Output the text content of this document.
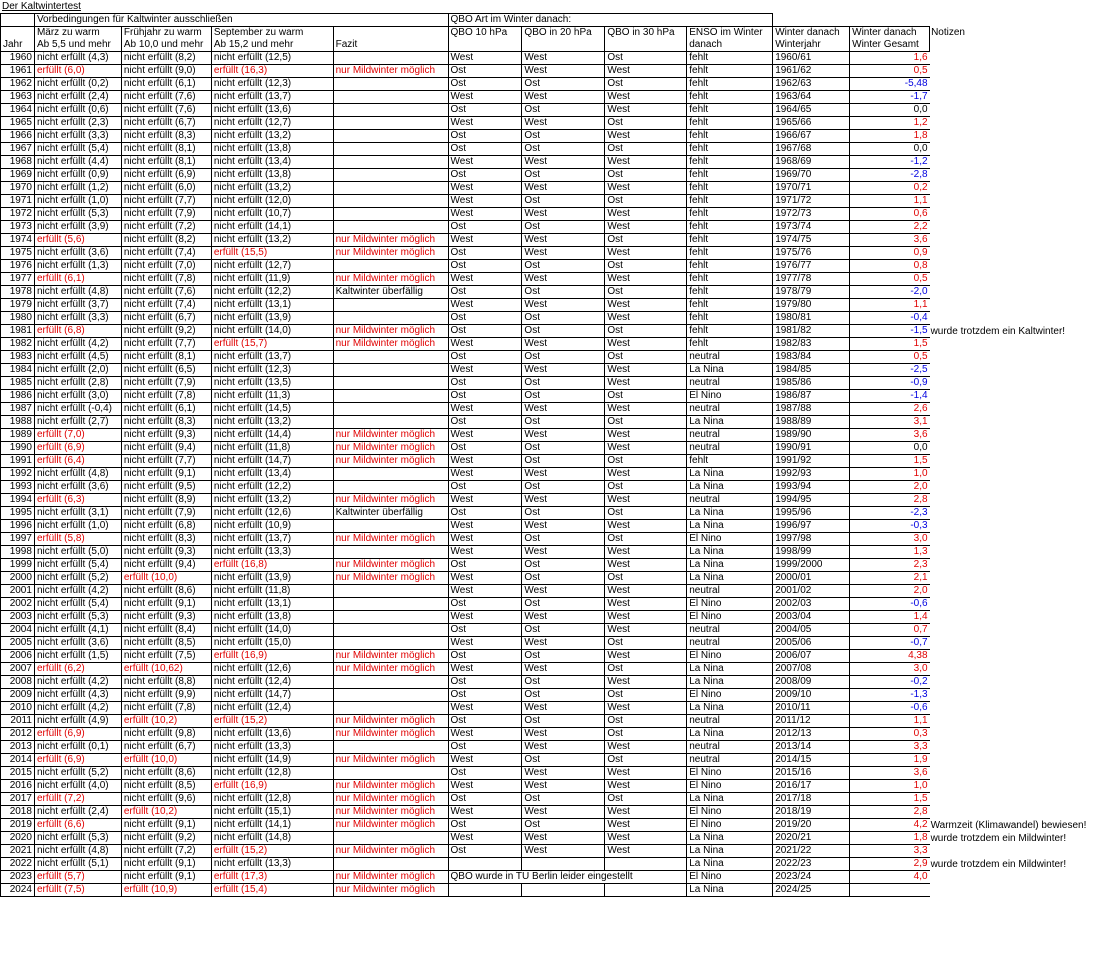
Der Kaltwintertest
	Vorbedingungen für Kaltwinter ausschließen				QBO Art im Winter danach:						
	März zu warm	Frühjahr zu warm	September zu warm		QBO 10 hPa	QBO in 20 hPa	QBO in 30 hPa	ENSO im Winter	Winter danach	Winter danach	Notizen
Jahr	Ab 5,5 und mehr	Ab 10,0 und mehr	Ab 15,2 und mehr	Fazit				danach	Winterjahr	Winter Gesamt	
1960	nicht erfüllt (4,3)	nicht erfüllt (8,2)	nicht erfüllt (12,5)		West	West	Ost	fehlt	1960/61	1,6	
1961	erfüllt (6,0)	nicht erfüllt (9,0)	erfüllt (16,3)	nur Mildwinter möglich	Ost	West	West	fehlt	1961/62	0,5	
1962	nicht erfüllt (0,2)	nicht erfüllt (6,1)	nicht erfüllt (12,3)		Ost	Ost	Ost	fehlt	1962/63	-5,48	
1963	nicht erfüllt (2,4)	nicht erfüllt (7,6)	nicht erfüllt (13,7)		West	West	West	fehlt	1963/64	-1,7	
1964	nicht erfüllt (0,6)	nicht erfüllt (7,6)	nicht erfüllt (13,6)		Ost	Ost	West	fehlt	1964/65	0,0	
1965	nicht erfüllt (2,3)	nicht erfüllt (6,7)	nicht erfüllt (12,7)		West	West	Ost	fehlt	1965/66	1,2	
1966	nicht erfüllt (3,3)	nicht erfüllt (8,3)	nicht erfüllt (13,2)		Ost	Ost	West	fehlt	1966/67	1,8	
1967	nicht erfüllt (5,4)	nicht erfüllt (8,1)	nicht erfüllt (13,8)		Ost	Ost	Ost	fehlt	1967/68	0,0	
1968	nicht erfüllt (4,4)	nicht erfüllt (8,1)	nicht erfüllt (13,4)		West	West	West	fehlt	1968/69	-1,2	
1969	nicht erfüllt (0,9)	nicht erfüllt (6,9)	nicht erfüllt (13,8)		Ost	Ost	Ost	fehlt	1969/70	-2,8	
1970	nicht erfüllt (1,2)	nicht erfüllt (6,0)	nicht erfüllt (13,2)		West	West	West	fehlt	1970/71	0,2	
1971	nicht erfüllt (1,0)	nicht erfüllt (7,7)	nicht erfüllt (12,0)		West	Ost	Ost	fehlt	1971/72	1,1	
1972	nicht erfüllt (5,3)	nicht erfüllt (7,9)	nicht erfüllt (10,7)		West	West	West	fehlt	1972/73	0,6	
1973	nicht erfüllt (3,9)	nicht erfüllt (7,2)	nicht erfüllt (14,1)		Ost	Ost	West	fehlt	1973/74	2,2	
1974	erfüllt (5,6)	nicht erfüllt (8,2)	nicht erfüllt (13,2)	nur Mildwinter möglich	West	West	Ost	fehlt	1974/75	3,6	
1975	nicht erfüllt (3,6)	nicht erfüllt (7,4)	erfüllt (15,5)	nur Mildwinter möglich	Ost	West	West	fehlt	1975/76	0,9	
1976	nicht erfüllt (1,3)	nicht erfüllt (7,0)	nicht erfüllt (12,7)		Ost	Ost	Ost	fehlt	1976/77	0,8	
1977	erfüllt (6,1)	nicht erfüllt (7,8)	nicht erfüllt (11,9)	nur Mildwinter möglich	West	West	West	fehlt	1977/78	0,5	
1978	nicht erfüllt (4,8)	nicht erfüllt (7,6)	nicht erfüllt (12,2)	Kaltwinter überfällig	Ost	Ost	Ost	fehlt	1978/79	-2,0	
1979	nicht erfüllt (3,7)	nicht erfüllt (7,4)	nicht erfüllt (13,1)		West	West	West	fehlt	1979/80	1,1	
1980	nicht erfüllt (3,3)	nicht erfüllt (6,7)	nicht erfüllt (13,9)		Ost	Ost	West	fehlt	1980/81	-0,4	
1981	erfüllt (6,8)	nicht erfüllt (9,2)	nicht erfüllt (14,0)	nur Mildwinter möglich	Ost	Ost	Ost	fehlt	1981/82	-1,5	wurde trotzdem ein Kaltwinter!
1982	nicht erfüllt (4,2)	nicht erfüllt (7,7)	erfüllt (15,7)	nur Mildwinter möglich	West	West	West	fehlt	1982/83	1,5	
1983	nicht erfüllt (4,5)	nicht erfüllt (8,1)	nicht erfüllt (13,7)		Ost	Ost	Ost	neutral	1983/84	0,5	
1984	nicht erfüllt (2,0)	nicht erfüllt (6,5)	nicht erfüllt (12,3)		West	West	West	La Nina	1984/85	-2,5	
1985	nicht erfüllt (2,8)	nicht erfüllt (7,9)	nicht erfüllt (13,5)		Ost	Ost	West	neutral	1985/86	-0,9	
1986	nicht erfüllt (3,0)	nicht erfüllt (7,8)	nicht erfüllt (11,3)		Ost	Ost	Ost	El Nino	1986/87	-1,4	
1987	nicht erfüllt (-0,4)	nicht erfüllt (6,1)	nicht erfüllt (14,5)		West	West	West	neutral	1987/88	2,6	
1988	nicht erfüllt (2,7)	nicht erfüllt (8,3)	nicht erfüllt (13,2)		Ost	Ost	Ost	La Nina	1988/89	3,1	
1989	erfüllt (7,0)	nicht erfüllt (9,3)	nicht erfüllt (14,4)	nur Mildwinter möglich	West	West	West	neutral	1989/90	3,6	
1990	erfüllt (6,9)	nicht erfüllt (9,4)	nicht erfüllt (11,8)	nur Mildwinter möglich	Ost	Ost	West	neutral	1990/91	0,0	
1991	erfüllt (6,4)	nicht erfüllt (7,7)	nicht erfüllt (14,7)	nur Mildwinter möglich	West	Ost	Ost	fehlt	1991/92	1,5	
1992	nicht erfüllt (4,8)	nicht erfüllt (9,1)	nicht erfüllt (13,4)		West	West	West	La Nina	1992/93	1,0	
1993	nicht erfüllt (3,6)	nicht erfüllt (9,5)	nicht erfüllt (12,2)		Ost	Ost	Ost	La Nina	1993/94	2,0	
1994	erfüllt (6,3)	nicht erfüllt (8,9)	nicht erfüllt (13,2)	nur Mildwinter möglich	West	West	West	neutral	1994/95	2,8	
1995	nicht erfüllt (3,1)	nicht erfüllt (7,9)	nicht erfüllt (12,6)	Kaltwinter überfällig	Ost	Ost	Ost	La Nina	1995/96	-2,3	
1996	nicht erfüllt (1,0)	nicht erfüllt (6,8)	nicht erfüllt (10,9)		West	West	West	La Nina	1996/97	-0,3	
1997	erfüllt (5,8)	nicht erfüllt (8,3)	nicht erfüllt (13,7)	nur Mildwinter möglich	West	Ost	Ost	El Nino	1997/98	3,0	
1998	nicht erfüllt (5,0)	nicht erfüllt (9,3)	nicht erfüllt (13,3)		West	West	West	La Nina	1998/99	1,3	
1999	nicht erfüllt (5,4)	nicht erfüllt (9,4)	erfüllt (16,8)	nur Mildwinter möglich	Ost	Ost	West	La Nina	1999/2000	2,3	
2000	nicht erfüllt (5,2)	erfüllt (10,0)	nicht erfüllt (13,9)	nur Mildwinter möglich	West	Ost	Ost	La Nina	2000/01	2,1	
2001	nicht erfüllt (4,2)	nicht erfüllt (8,6)	nicht erfüllt (11,8)		West	West	West	neutral	2001/02	2,0	
2002	nicht erfüllt (5,4)	nicht erfüllt (9,1)	nicht erfüllt (13,1)		Ost	Ost	West	El Nino	2002/03	-0,6	
2003	nicht erfüllt (5,3)	nicht erfüllt (9,3)	nicht erfüllt (13,8)		West	West	West	El Nino	2003/04	1,4	
2004	nicht erfüllt (4,1)	nicht erfüllt (8,4)	nicht erfüllt (14,0)		Ost	Ost	West	neutral	2004/05	0,7	
2005	nicht erfüllt (3,6)	nicht erfüllt (8,5)	nicht erfüllt (15,0)		West	West	Ost	neutral	2005/06	-0,7	
2006	nicht erfüllt (1,5)	nicht erfüllt (7,5)	erfüllt (16,9)	nur Mildwinter möglich	Ost	Ost	West	El Nino	2006/07	4,38	
2007	erfüllt (6,2)	erfüllt (10,62)	nicht erfüllt (12,6)	nur Mildwinter möglich	West	West	Ost	La Nina	2007/08	3,0	
2008	nicht erfüllt (4,2)	nicht erfüllt (8,8)	nicht erfüllt (12,4)		Ost	Ost	West	La Nina	2008/09	-0,2	
2009	nicht erfüllt (4,3)	nicht erfüllt (9,9)	nicht erfüllt (14,7)		Ost	Ost	Ost	El Nino	2009/10	-1,3	
2010	nicht erfüllt (4,2)	nicht erfüllt (7,8)	nicht erfüllt (12,4)		West	West	West	La Nina	2010/11	-0,6	
2011	nicht erfüllt (4,9)	erfüllt (10,2)	erfüllt (15,2)	nur Mildwinter möglich	Ost	Ost	Ost	neutral	2011/12	1,1	
2012	erfüllt (6,9)	nicht erfüllt (9,8)	nicht erfüllt (13,6)	nur Mildwinter möglich	West	West	Ost	La Nina	2012/13	0,3	
2013	nicht erfüllt (0,1)	nicht erfüllt (6,7)	nicht erfüllt (13,3)		Ost	West	West	neutral	2013/14	3,3	
2014	erfüllt (6,9)	erfüllt (10,0)	nicht erfüllt (14,9)	nur Mildwinter möglich	West	Ost	Ost	neutral	2014/15	1,9	
2015	nicht erfüllt (5,2)	nicht erfüllt (8,6)	nicht erfüllt (12,8)		Ost	West	West	El Nino	2015/16	3,6	
2016	nicht erfüllt (4,0)	nicht erfüllt (8,5)	erfüllt (16,9)	nur Mildwinter möglich	West	West	West	El Nino	2016/17	1,0	
2017	erfüllt (7,2)	nicht erfüllt (9,6)	nicht erfüllt (12,8)	nur Mildwinter möglich	Ost	Ost	Ost	La Nina	2017/18	1,5	
2018	nicht erfüllt (2,4)	erfüllt (10,2)	nicht erfüllt (15,1)	nur Mildwinter möglich	West	West	West	El Nino	2018/19	2,8	
2019	erfüllt (6,6)	nicht erfüllt (9,1)	nicht erfüllt (14,1)	nur Mildwinter möglich	Ost	Ost	West	El Nino	2019/20	4,2	Warmzeit (Klimawandel) bewiesen!
2020	nicht erfüllt (5,3)	nicht erfüllt (9,2)	nicht erfüllt (14,8)		West	West	West	La Nina	2020/21	1,8	wurde trotzdem ein Mildwinter!
2021	nicht erfüllt (4,8)	nicht erfüllt (7,2)	erfüllt (15,2)	nur Mildwinter möglich	Ost	West	West	La Nina	2021/22	3,3	
2022	nicht erfüllt (5,1)	nicht erfüllt (9,1)	nicht erfüllt (13,3)					La Nina	2022/23	2,9	wurde trotzdem ein Mildwinter!
2023	erfüllt (5,7)	nicht erfüllt (9,1)	erfüllt (17,3)	nur Mildwinter möglich	QBO wurde in TU Berlin leider eingestellt			El Nino	2023/24	4,0	
2024	erfüllt (7,5)	erfüllt (10,9)	erfüllt (15,4)	nur Mildwinter möglich				La Nina	2024/25		
